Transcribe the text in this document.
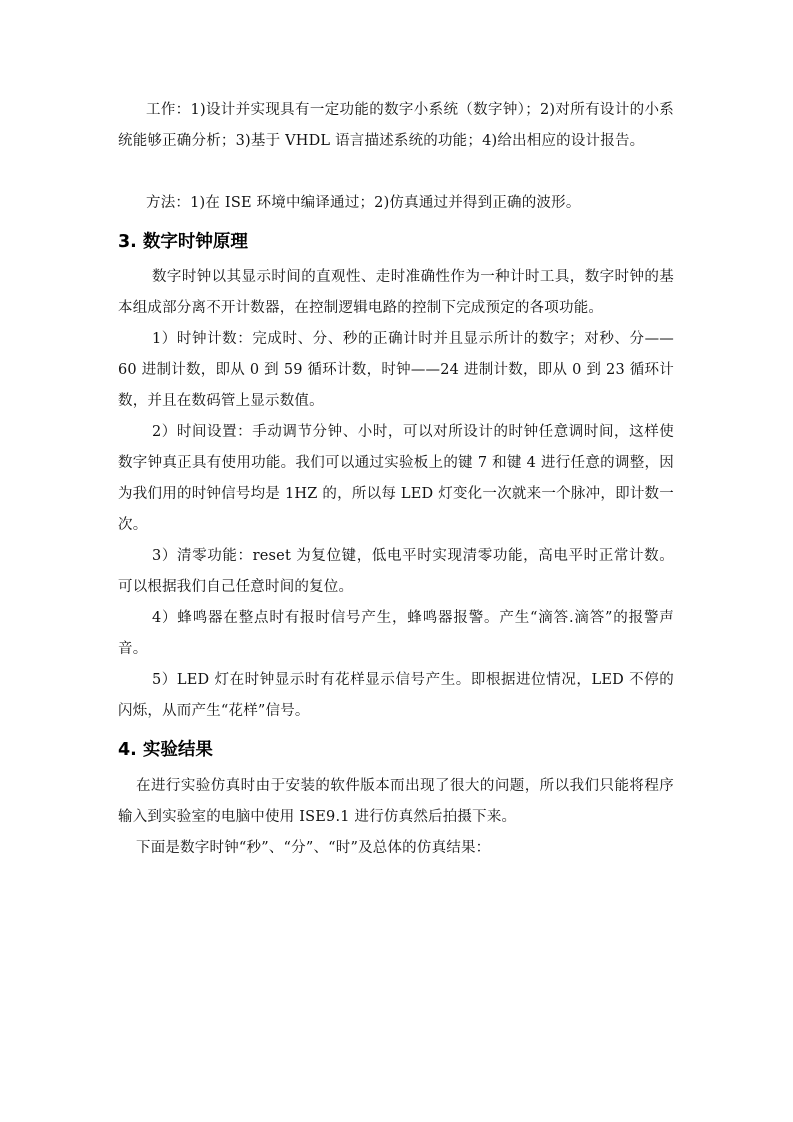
工作：1)设计并实现具有一定功能的数字小系统（数字钟）；2)对所有设计的小系统能够正确分析；3)基于 VHDL 语言描述系统的功能；4)给出相应的设计报告。

方法：1)在 ISE 环境中编译通过；2)仿真通过并得到正确的波形。

3. 数字时钟原理

数字时钟以其显示时间的直观性、走时准确性作为一种计时工具，数字时钟的基本组成部分离不开计数器，在控制逻辑电路的控制下完成预定的各项功能。

1）时钟计数：完成时、分、秒的正确计时并且显示所计的数字；对秒、分——60 进制计数，即从 0 到 59 循环计数，时钟——24 进制计数，即从 0 到 23 循环计数，并且在数码管上显示数值。

2）时间设置：手动调节分钟、小时，可以对所设计的时钟任意调时间，这样使数字钟真正具有使用功能。我们可以通过实验板上的键 7 和键 4 进行任意的调整，因为我们用的时钟信号均是 1HZ 的，所以每 LED 灯变化一次就来一个脉冲，即计数一次。

3）清零功能：reset 为复位键，低电平时实现清零功能，高电平时正常计数。可以根据我们自己任意时间的复位。

4）蜂鸣器在整点时有报时信号产生，蜂鸣器报警。产生“滴答.滴答”的报警声音。

5）LED 灯在时钟显示时有花样显示信号产生。即根据进位情况，LED 不停的闪烁，从而产生“花样”信号。

4. 实验结果

在进行实验仿真时由于安装的软件版本而出现了很大的问题，所以我们只能将程序输入到实验室的电脑中使用 ISE9.1 进行仿真然后拍摄下来。

下面是数字时钟“秒”、“分”、“时”及总体的仿真结果：
